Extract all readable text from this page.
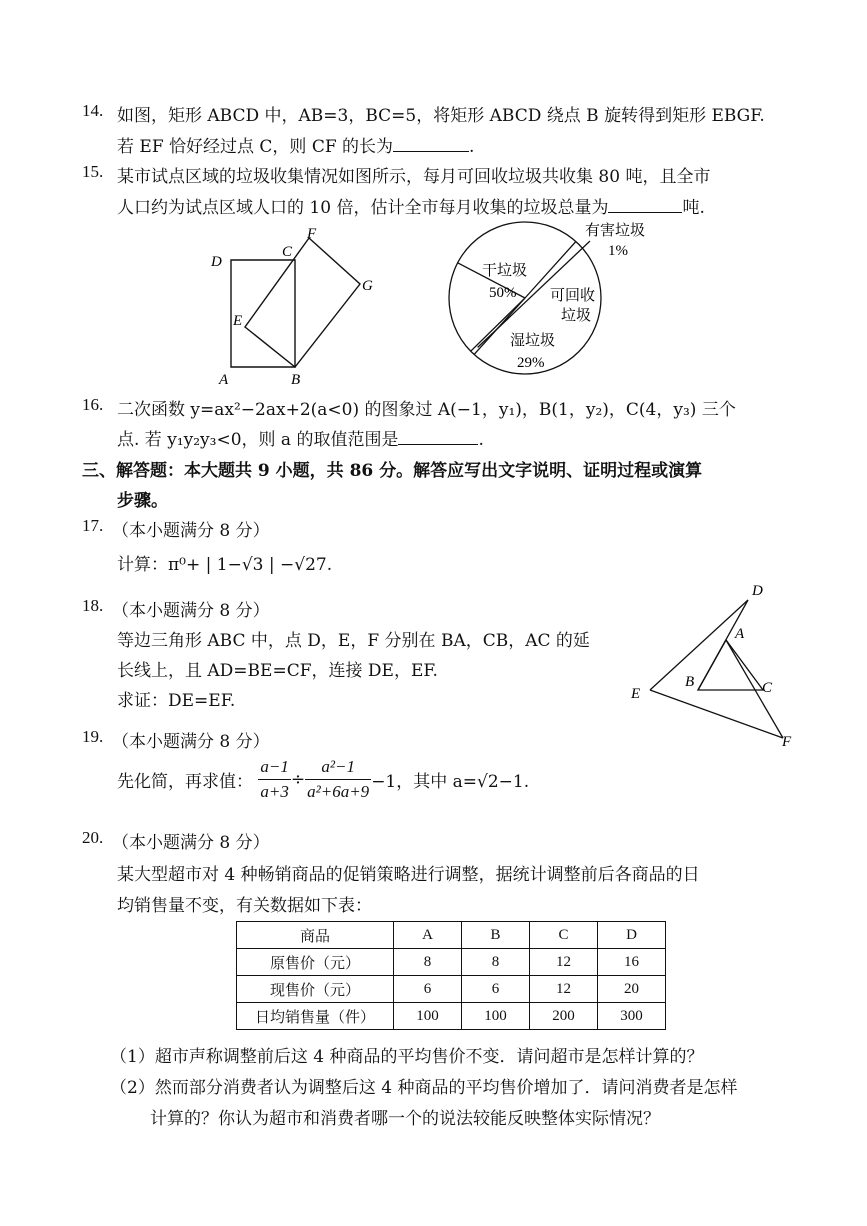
14. 如图，矩形 ABCD 中，AB=3，BC=5，将矩形 ABCD 绕点 B 旋转得到矩形 EBGF.
若 EF 恰好经过点 C，则 CF 的长为	.
15. 某市试点区域的垃圾收集情况如图所示，每月可回收垃圾共收集 80 吨，且全市
人口约为试点区域人口的 10 倍，估计全市每月收集的垃圾总量为	吨.
D
C
F
G
E
A	B
有害垃圾
1%
干垃圾
50% 可回收
垃圾
湿垃圾
29%
16. 二次函数 y=ax²−2ax+2(a<0) 的图象过 A(−1，y₁)，B(1，y₂)，C(4，y₃) 三个
点. 若 y₁y₂y₃<0，则 a 的取值范围是	.
三、解答题：本大题共 9 小题，共 86 分。解答应写出文字说明、证明过程或演算
步骤。
17. （本小题满分 8 分）
计算：π⁰+ | 1−√3 | −√27.
18. （本小题满分 8 分）
等边三角形 ABC 中，点 D，E，F 分别在 BA，CB，AC 的延
长线上，且 AD=BE=CF，连接 DE，EF.
求证：DE=EF.
D
A
B	C
E
F
19. （本小题满分 8 分）
先化简，再求值： $\frac{a-1}{a+3} \div \frac{\text{a²−1}}{\text{a²+6a+9}} -1$，其中 a=√2−1.
20. （本小题满分 8 分）
某大型超市对 4 种畅销商品的促销策略进行调整，据统计调整前后各商品的日
均销售量不变，有关数据如下表：
商品	A	B	C	D
原售价（元）	8	8	12	16
现售价（元）	6	6	12	20
日均销售量（件）	100	100	200	300
（1）超市声称调整前后这 4 种商品的平均售价不变．请问超市是怎样计算的？
（2）然而部分消费者认为调整后这 4 种商品的平均售价增加了．请问消费者是怎样
计算的？你认为超市和消费者哪一个的说法较能反映整体实际情况？
